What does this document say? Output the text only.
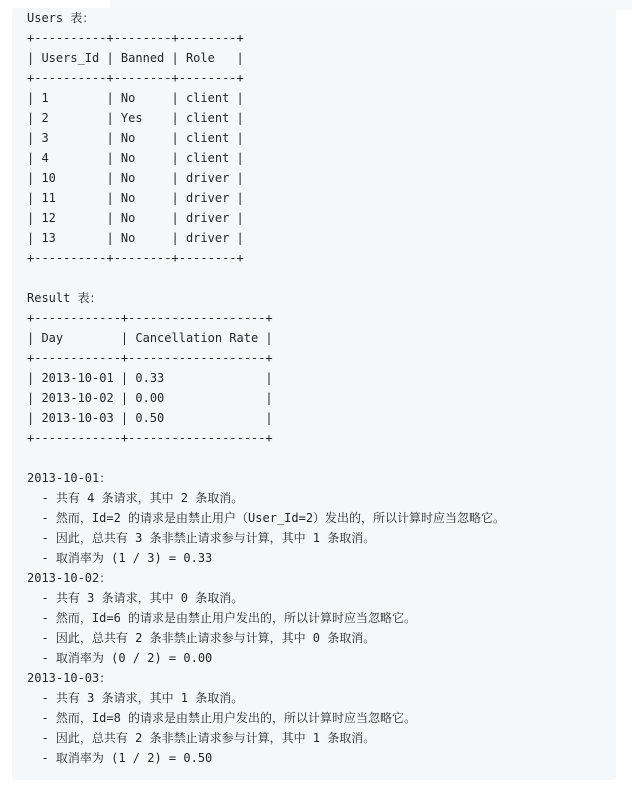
Users 表：
+----------+--------+--------+
| Users_Id | Banned | Role   |
+----------+--------+--------+
| 1        | No     | client |
| 2        | Yes    | client |
| 3        | No     | client |
| 4        | No     | client |
| 10       | No     | driver |
| 11       | No     | driver |
| 12       | No     | driver |
| 13       | No     | driver |
+----------+--------+--------+
Result 表：
+------------+-------------------+
| Day        | Cancellation Rate |
+------------+-------------------+
| 2013-10-01 | 0.33              |
| 2013-10-02 | 0.00              |
| 2013-10-03 | 0.50              |
+------------+-------------------+
2013-10-01：
- 共有 4 条请求，其中 2 条取消。
- 然而，Id=2 的请求是由禁止用户（User_Id=2）发出的，所以计算时应当忽略它。
- 因此，总共有 3 条非禁止请求参与计算，其中 1 条取消。
- 取消率为 (1 / 3) = 0.33
2013-10-02：
- 共有 3 条请求，其中 0 条取消。
- 然而，Id=6 的请求是由禁止用户发出的，所以计算时应当忽略它。
- 因此，总共有 2 条非禁止请求参与计算，其中 0 条取消。
- 取消率为 (0 / 2) = 0.00
2013-10-03：
- 共有 3 条请求，其中 1 条取消。
- 然而，Id=8 的请求是由禁止用户发出的，所以计算时应当忽略它。
- 因此，总共有 2 条非禁止请求参与计算，其中 1 条取消。
- 取消率为 (1 / 2) = 0.50
